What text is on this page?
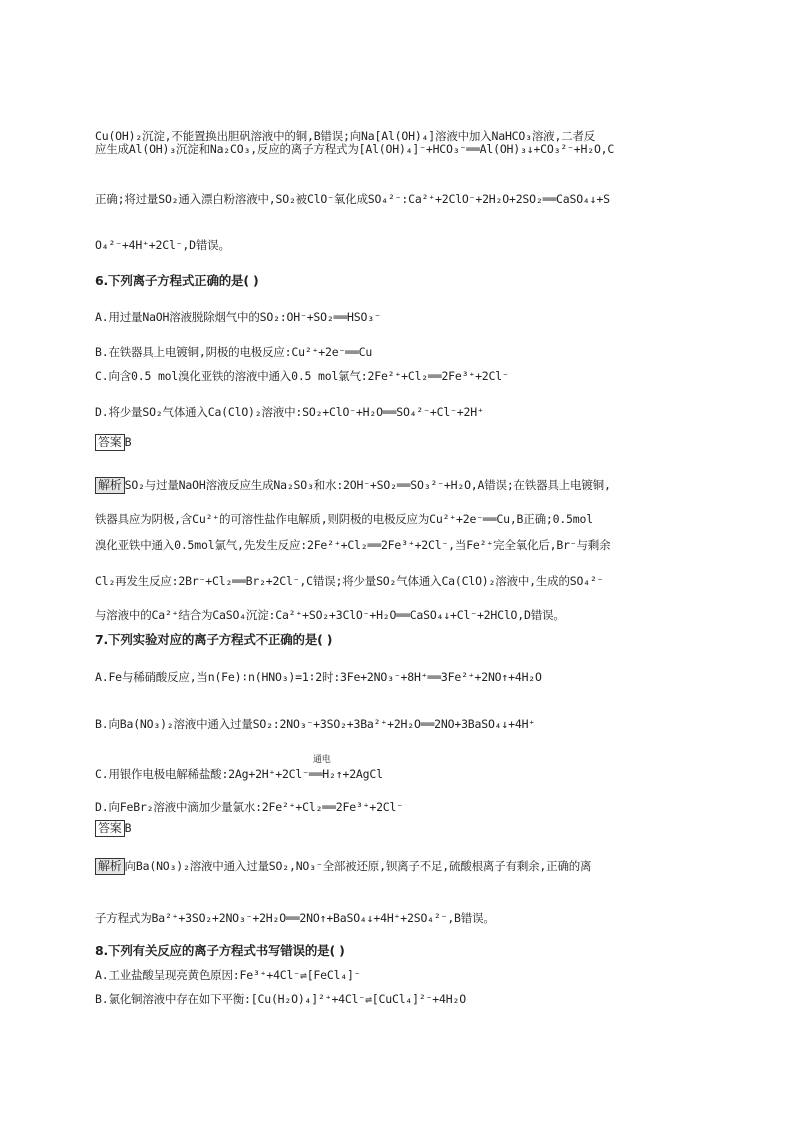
Cu(OH)₂沉淀,不能置换出胆矾溶液中的铜,B错误;向Na[Al(OH)₄]溶液中加入NaHCO₃溶液,二者反
应生成Al(OH)₃沉淀和Na₂CO₃,反应的离子方程式为[Al(OH)₄]⁻+HCO₃⁻══Al(OH)₃↓+CO₃²⁻+H₂O,C
正确;将过量SO₂通入漂白粉溶液中,SO₂被ClO⁻氧化成SO₄²⁻:Ca²⁺+2ClO⁻+2H₂O+2SO₂══CaSO₄↓+S
O₄²⁻+4H⁺+2Cl⁻,D错误。
6.下列离子方程式正确的是( )
A.用过量NaOH溶液脱除烟气中的SO₂:OH⁻+SO₂══HSO₃⁻
B.在铁器具上电镀铜,阴极的电极反应:Cu²⁺+2e⁻══Cu
C.向含0.5 mol溴化亚铁的溶液中通入0.5 mol氯气:2Fe²⁺+Cl₂══2Fe³⁺+2Cl⁻
D.将少量SO₂气体通入Ca(ClO)₂溶液中:SO₂+ClO⁻+H₂O══SO₄²⁻+Cl⁻+2H⁺
答案 B
解析 SO₂与过量NaOH溶液反应生成Na₂SO₃和水:2OH⁻+SO₂══SO₃²⁻+H₂O,A错误;在铁器具上电镀铜,
铁器具应为阴极,含Cu²⁺的可溶性盐作电解质,则阴极的电极反应为Cu²⁺+2e⁻══Cu,B正确;0.5mol
溴化亚铁中通入0.5mol氯气,先发生反应:2Fe²⁺+Cl₂══2Fe³⁺+2Cl⁻,当Fe²⁺完全氧化后,Br⁻与剩余
Cl₂再发生反应:2Br⁻+Cl₂══Br₂+2Cl⁻,C错误;将少量SO₂气体通入Ca(ClO)₂溶液中,生成的SO₄²⁻
与溶液中的Ca²⁺结合为CaSO₄沉淀:Ca²⁺+SO₂+3ClO⁻+H₂O══CaSO₄↓+Cl⁻+2HClO,D错误。
7.下列实验对应的离子方程式不正确的是( )
A.Fe与稀硝酸反应,当n(Fe)∶n(HNO₃)=1∶2时:3Fe+2NO₃⁻+8H⁺══3Fe²⁺+2NO↑+4H₂O
B.向Ba(NO₃)₂溶液中通入过量SO₂:2NO₃⁻+3SO₂+3Ba²⁺+2H₂O══2NO+3BaSO₄↓+4H⁺
通电
C.用银作电极电解稀盐酸:2Ag+2H⁺+2Cl⁻══H₂↑+2AgCl
D.向FeBr₂溶液中滴加少量氯水:2Fe²⁺+Cl₂══2Fe³⁺+2Cl⁻
答案 B
解析 向Ba(NO₃)₂溶液中通入过量SO₂,NO₃⁻全部被还原,钡离子不足,硫酸根离子有剩余,正确的离
子方程式为Ba²⁺+3SO₂+2NO₃⁻+2H₂O══2NO↑+BaSO₄↓+4H⁺+2SO₄²⁻,B错误。
8.下列有关反应的离子方程式书写错误的是( )
A.工业盐酸呈现亮黄色原因:Fe³⁺+4Cl⁻⇌[FeCl₄]⁻
B.氯化铜溶液中存在如下平衡:[Cu(H₂O)₄]²⁺+4Cl⁻⇌[CuCl₄]²⁻+4H₂O
